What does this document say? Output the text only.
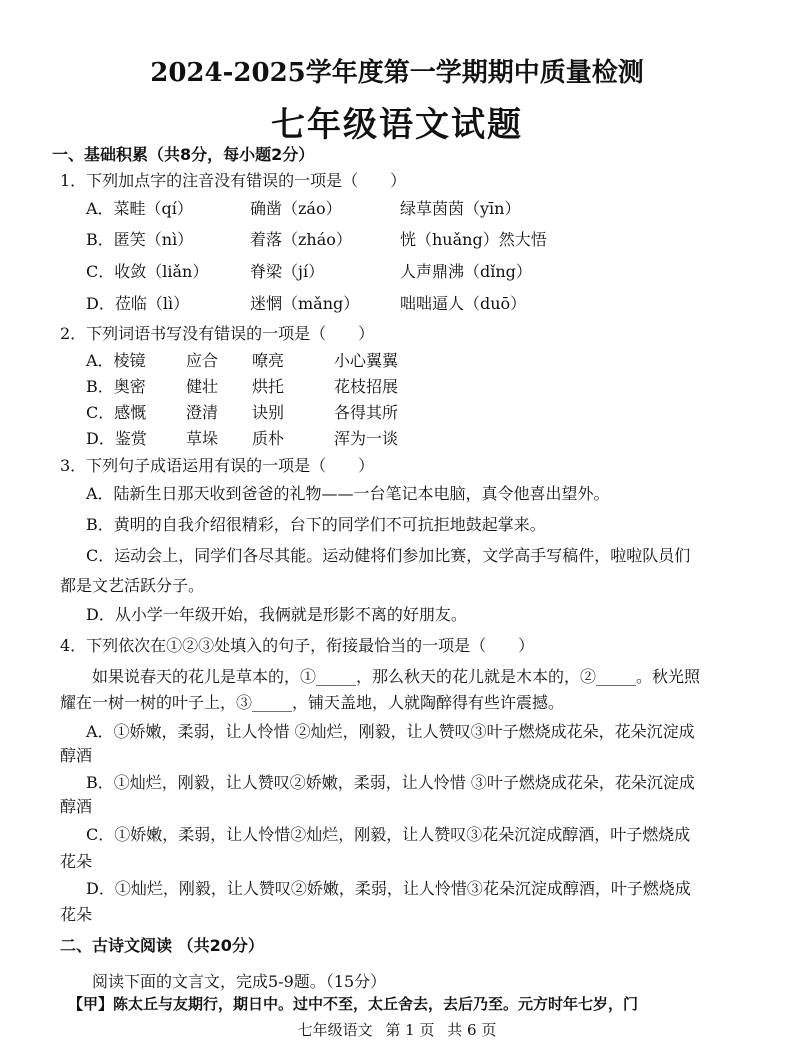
2024-2025学年度第一学期期中质量检测
七年级语文试题
一、基础积累（共8分，每小题2分）
1．下列加点字的注音没有错误的一项是（　　）
A．菜畦（qí）	确凿（záo）	绿草茵茵（yīn）
B．匿笑（nì）	着落（zháo）	恍（huǎng）然大悟
C．收敛（liǎn）	脊梁（jí）	人声鼎沸（dǐng）
D．莅临（lì）	迷惘（mǎng）	咄咄逼人（duō）
2．下列词语书写没有错误的一项是（　　）
A．棱镜	应合 嘹亮	小心翼翼
B．奥密	健壮 烘托	花枝招展
C．感慨 澄清 诀别	各得其所
D．鉴赏 草垛 质朴	浑为一谈
3．下列句子成语运用有误的一项是（　　）
A．陆新生日那天收到爸爸的礼物——一台笔记本电脑，真令他喜出望外。
B．黄明的自我介绍很精彩，台下的同学们不可抗拒地鼓起掌来。
C．运动会上，同学们各尽其能。运动健将们参加比赛，文学高手写稿件，啦啦队员们
都是文艺活跃分子。
D．从小学一年级开始，我俩就是形影不离的好朋友。
4．下列依次在①②③处填入的句子，衔接最恰当的一项是（　　）
如果说春天的花儿是草本的，①_____，那么秋天的花儿就是木本的，②_____。秋光照
耀在一树一树的叶子上，③_____，铺天盖地，人就陶醉得有些许震撼。
A．①娇嫩，柔弱，让人怜惜 ②灿烂，刚毅，让人赞叹③叶子燃烧成花朵，花朵沉淀成
醇酒
B．①灿烂，刚毅，让人赞叹②娇嫩，柔弱，让人怜惜 ③叶子燃烧成花朵，花朵沉淀成
醇酒
C．①娇嫩，柔弱，让人怜惜②灿烂，刚毅，让人赞叹③花朵沉淀成醇酒，叶子燃烧成
花朵
D．①灿烂，刚毅，让人赞叹②娇嫩，柔弱，让人怜惜③花朵沉淀成醇酒，叶子燃烧成
花朵
二、古诗文阅读 （共20分）
阅读下面的文言文，完成5-9题。（15分）
【甲】陈太丘与友期行，期日中。过中不至，太丘舍去，去后乃至。元方时年七岁，门
七年级语文 第 1 页 共 6 页
